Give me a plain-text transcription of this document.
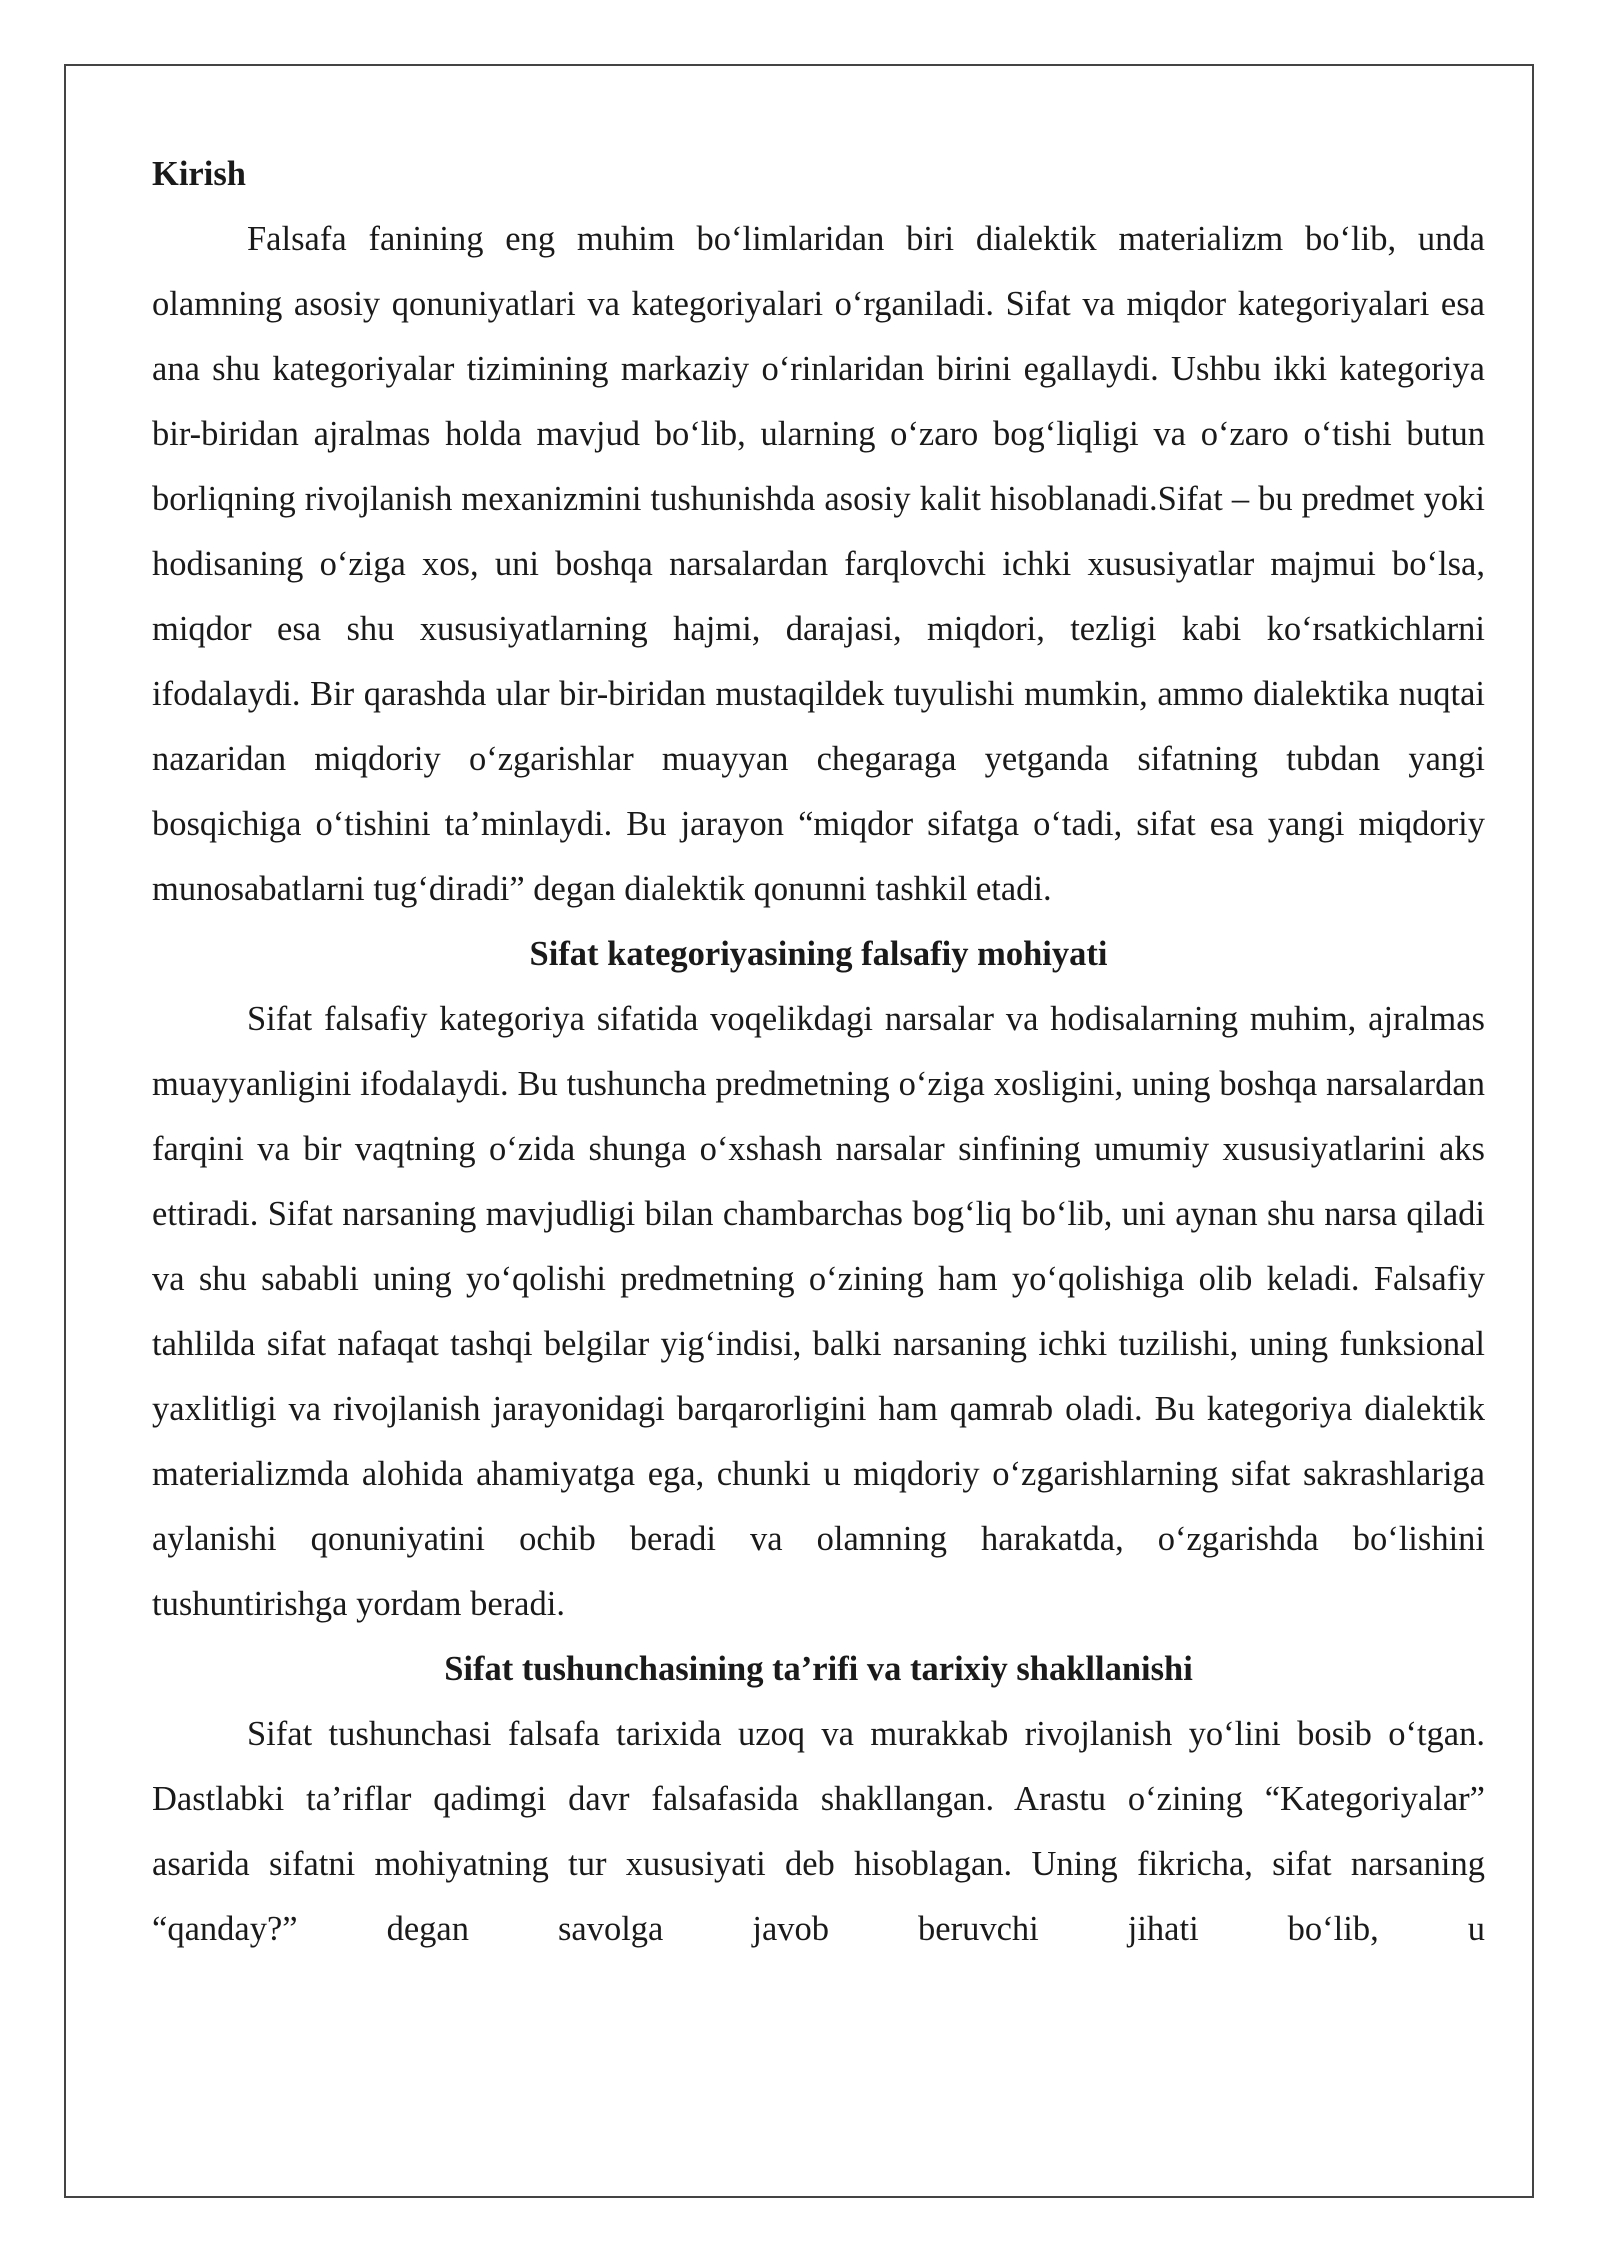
Kirish

Falsafa fanining eng muhim bo‘limlaridan biri dialektik materializm bo‘lib, unda olamning asosiy qonuniyatlari va kategoriyalari o‘rganiladi. Sifat va miqdor kategoriyalari esa ana shu kategoriyalar tizimining markaziy o‘rinlaridan birini egallaydi. Ushbu ikki kategoriya bir-biridan ajralmas holda mavjud bo‘lib, ularning o‘zaro bog‘liqligi va o‘zaro o‘tishi butun borliqning rivojlanish mexanizmini tushunishda asosiy kalit hisoblanadi.Sifat – bu predmet yoki hodisaning o‘ziga xos, uni boshqa narsalardan farqlovchi ichki xususiyatlar majmui bo‘lsa, miqdor esa shu xususiyatlarning hajmi, darajasi, miqdori, tezligi kabi ko‘rsatkichlarni ifodalaydi. Bir qarashda ular bir-biridan mustaqildek tuyulishi mumkin, ammo dialektika nuqtai nazaridan miqdoriy o‘zgarishlar muayyan chegaraga yetganda sifatning tubdan yangi bosqichiga o‘tishini ta’minlaydi. Bu jarayon “miqdor sifatga o‘tadi, sifat esa yangi miqdoriy munosabatlarni tug‘diradi” degan dialektik qonunni tashkil etadi.

Sifat kategoriyasining falsafiy mohiyati

Sifat falsafiy kategoriya sifatida voqelikdagi narsalar va hodisalarning muhim, ajralmas muayyanligini ifodalaydi. Bu tushuncha predmetning o‘ziga xosligini, uning boshqa narsalardan farqini va bir vaqtning o‘zida shunga o‘xshash narsalar sinfining umumiy xususiyatlarini aks ettiradi. Sifat narsaning mavjudligi bilan chambarchas bog‘liq bo‘lib, uni aynan shu narsa qiladi va shu sababli uning yo‘qolishi predmetning o‘zining ham yo‘qolishiga olib keladi. Falsafiy tahlilda sifat nafaqat tashqi belgilar yig‘indisi, balki narsaning ichki tuzilishi, uning funksional yaxlitligi va rivojlanish jarayonidagi barqarorligini ham qamrab oladi. Bu kategoriya dialektik materializmda alohida ahamiyatga ega, chunki u miqdoriy o‘zgarishlarning sifat sakrashlariga aylanishi qonuniyatini ochib beradi va olamning harakatda, o‘zgarishda bo‘lishini tushuntirishga yordam beradi.

Sifat tushunchasining ta’rifi va tarixiy shakllanishi

Sifat tushunchasi falsafa tarixida uzoq va murakkab rivojlanish yo‘lini bosib o‘tgan. Dastlabki ta’riflar qadimgi davr falsafasida shakllangan. Arastu o‘zining “Kategoriyalar” asarida sifatni mohiyatning tur xususiyati deb hisoblagan. Uning fikricha, sifat narsaning “qanday?” degan savolga javob beruvchi jihati bo‘lib, u
